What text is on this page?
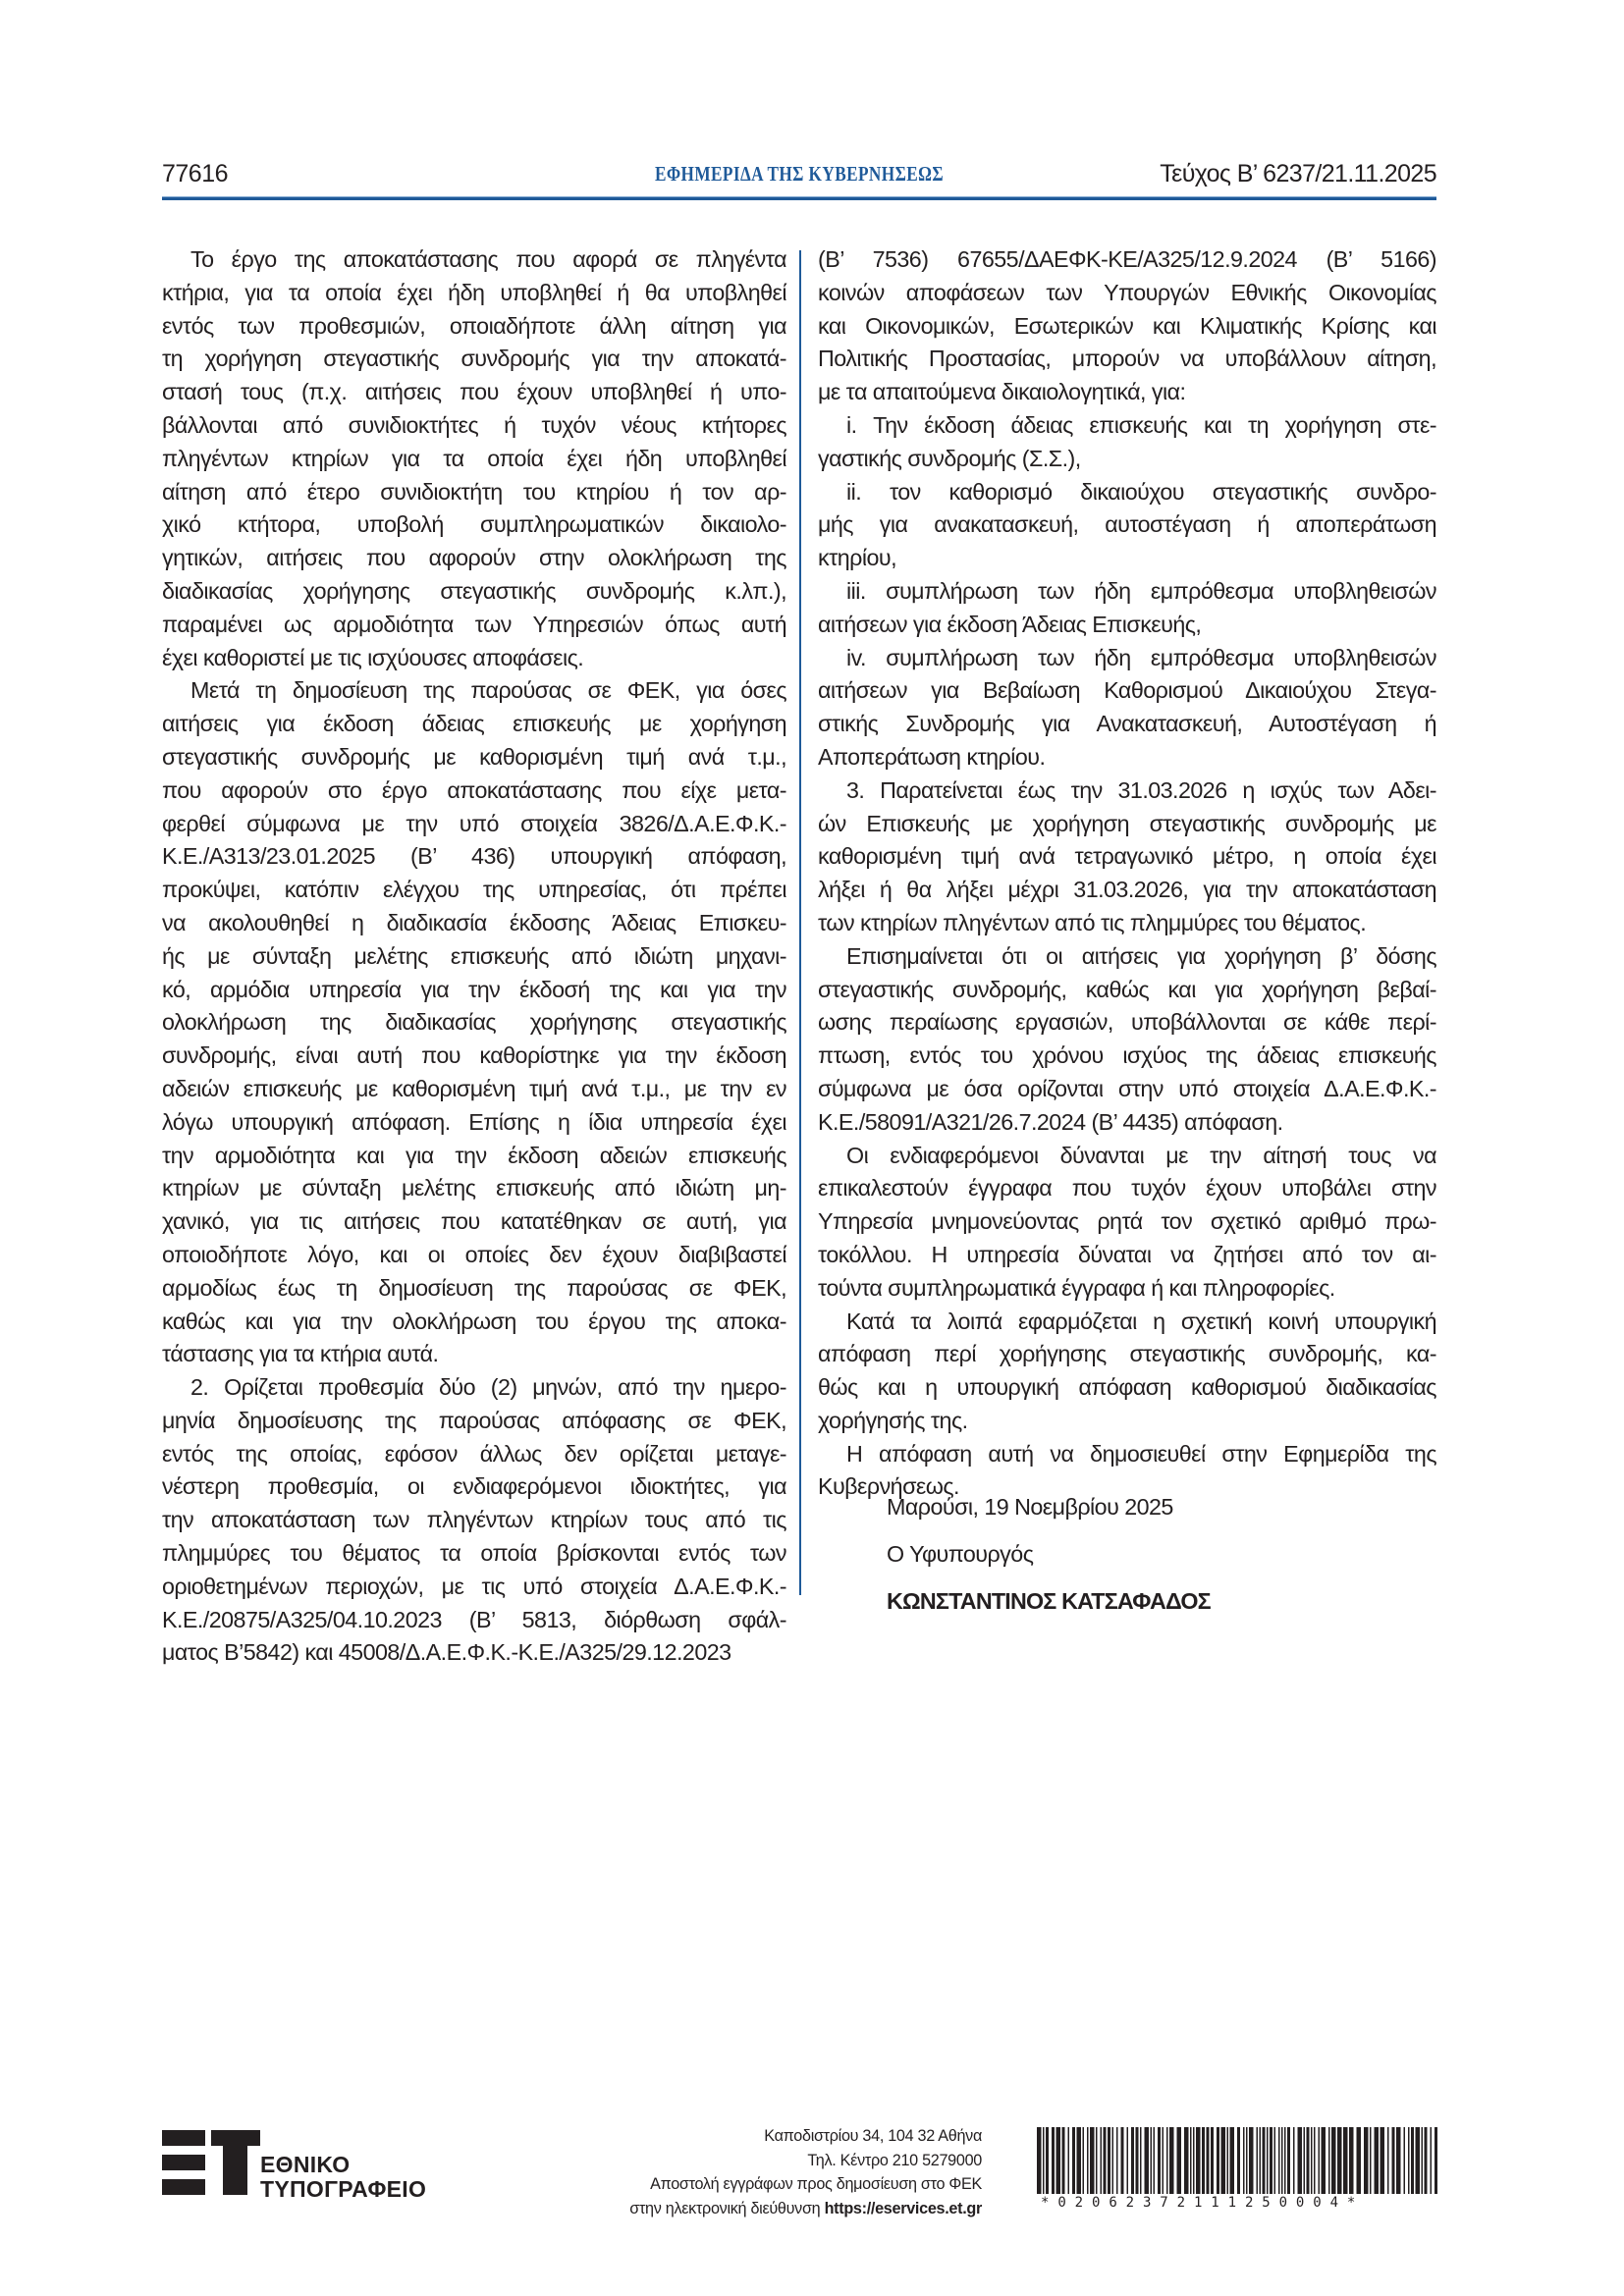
77616	ΕΦΗΜΕΡΙΔΑ ΤΗΣ ΚΥΒΕΡΝΗΣΕΩΣ	Τεύχος Β’ 6237/21.11.2025
Το έργο της αποκατάστασης που αφορά σε πληγέντα
κτήρια, για τα οποία έχει ήδη υποβληθεί ή θα υποβληθεί
εντός των προθεσμιών, οποιαδήποτε άλλη αίτηση για
τη χορήγηση στεγαστικής συνδρομής για την αποκατά-
στασή τους (π.χ. αιτήσεις που έχουν υποβληθεί ή υπο-
βάλλονται από συνιδιοκτήτες ή τυχόν νέους κτήτορες
πληγέντων κτηρίων για τα οποία έχει ήδη υποβληθεί
αίτηση από έτερο συνιδιοκτήτη του κτηρίου ή τον αρ-
χικό κτήτορα, υποβολή συμπληρωματικών δικαιολο-
γητικών, αιτήσεις που αφορούν στην ολοκλήρωση της
διαδικασίας χορήγησης στεγαστικής συνδρομής κ.λπ.),
παραμένει ως αρμοδιότητα των Υπηρεσιών όπως αυτή
έχει καθοριστεί με τις ισχύουσες αποφάσεις.
Μετά τη δημοσίευση της παρούσας σε ΦΕΚ, για όσες
αιτήσεις για έκδοση άδειας επισκευής με χορήγηση
στεγαστικής συνδρομής με καθορισμένη τιμή ανά τ.μ.,
που αφορούν στο έργο αποκατάστασης που είχε μετα-
φερθεί σύμφωνα με την υπό στοιχεία 3826/Δ.Α.Ε.Φ.Κ.-
Κ.Ε./Α313/23.01.2025 (Β’ 436) υπουργική απόφαση,
προκύψει, κατόπιν ελέγχου της υπηρεσίας, ότι πρέπει
να ακολουθηθεί η διαδικασία έκδοσης Άδειας Επισκευ-
ής με σύνταξη μελέτης επισκευής από ιδιώτη μηχανι-
κό, αρμόδια υπηρεσία για την έκδοσή της και για την
ολοκλήρωση της διαδικασίας χορήγησης στεγαστικής
συνδρομής, είναι αυτή που καθορίστηκε για την έκδοση
αδειών επισκευής με καθορισμένη τιμή ανά τ.μ., με την εν
λόγω υπουργική απόφαση. Επίσης η ίδια υπηρεσία έχει
την αρμοδιότητα και για την έκδοση αδειών επισκευής
κτηρίων με σύνταξη μελέτης επισκευής από ιδιώτη μη-
χανικό, για τις αιτήσεις που κατατέθηκαν σε αυτή, για
οποιοδήποτε λόγο, και οι οποίες δεν έχουν διαβιβαστεί
αρμοδίως έως τη δημοσίευση της παρούσας σε ΦΕΚ,
καθώς και για την ολοκλήρωση του έργου της αποκα-
τάστασης για τα κτήρια αυτά.
2. Ορίζεται προθεσμία δύο (2) μηνών, από την ημερο-
μηνία δημοσίευσης της παρούσας απόφασης σε ΦΕΚ,
εντός της οποίας, εφόσον άλλως δεν ορίζεται μεταγε-
νέστερη προθεσμία, οι ενδιαφερόμενοι ιδιοκτήτες, για
την αποκατάσταση των πληγέντων κτηρίων τους από τις
πλημμύρες του θέματος τα οποία βρίσκονται εντός των
οριοθετημένων περιοχών, με τις υπό στοιχεία Δ.Α.Ε.Φ.Κ.-
Κ.Ε./20875/Α325/04.10.2023 (Β’ 5813, διόρθωση σφάλ-
ματος Β’5842) και 45008/Δ.Α.Ε.Φ.Κ.-Κ.Ε./Α325/29.12.2023
(Β’ 7536) 67655/ΔΑΕΦΚ-ΚΕ/Α325/12.9.2024 (Β’ 5166)
κοινών αποφάσεων των Υπουργών Εθνικής Οικονομίας
και Οικονομικών, Εσωτερικών και Κλιματικής Κρίσης και
Πολιτικής Προστασίας, μπορούν να υποβάλλουν αίτηση,
με τα απαιτούμενα δικαιολογητικά, για:
i. Την έκδοση άδειας επισκευής και τη χορήγηση στε-
γαστικής συνδρομής (Σ.Σ.),
ii. τον καθορισμό δικαιούχου στεγαστικής συνδρο-
μής για ανακατασκευή, αυτοστέγαση ή αποπεράτωση
κτηρίου,
iii. συμπλήρωση των ήδη εμπρόθεσμα υποβληθεισών
αιτήσεων για έκδοση Άδειας Επισκευής,
iv. συμπλήρωση των ήδη εμπρόθεσμα υποβληθεισών
αιτήσεων για Βεβαίωση Καθορισμού Δικαιούχου Στεγα-
στικής Συνδρομής για Ανακατασκευή, Αυτοστέγαση ή
Αποπεράτωση κτηρίου.
3. Παρατείνεται έως την 31.03.2026 η ισχύς των Αδει-
ών Επισκευής με χορήγηση στεγαστικής συνδρομής με
καθορισμένη τιμή ανά τετραγωνικό μέτρο, η οποία έχει
λήξει ή θα λήξει μέχρι 31.03.2026, για την αποκατάσταση
των κτηρίων πληγέντων από τις πλημμύρες του θέματος.
Επισημαίνεται ότι οι αιτήσεις για χορήγηση β’ δόσης
στεγαστικής συνδρομής, καθώς και για χορήγηση βεβαί-
ωσης περαίωσης εργασιών, υποβάλλονται σε κάθε περί-
πτωση, εντός του χρόνου ισχύος της άδειας επισκευής
σύμφωνα με όσα ορίζονται στην υπό στοιχεία Δ.Α.Ε.Φ.Κ.-
Κ.Ε./58091/Α321/26.7.2024 (Β’ 4435) απόφαση.
Οι ενδιαφερόμενοι δύνανται με την αίτησή τους να
επικαλεστούν έγγραφα που τυχόν έχουν υποβάλει στην
Υπηρεσία μνημονεύοντας ρητά τον σχετικό αριθμό πρω-
τοκόλλου. Η υπηρεσία δύναται να ζητήσει από τον αι-
τούντα συμπληρωματικά έγγραφα ή και πληροφορίες.
Κατά τα λοιπά εφαρμόζεται η σχετική κοινή υπουργική
απόφαση περί χορήγησης στεγαστικής συνδρομής, κα-
θώς και η υπουργική απόφαση καθορισμού διαδικασίας
χορήγησής της.
Η απόφαση αυτή να δημοσιευθεί στην Εφημερίδα της
Κυβερνήσεως.
Μαρούσι, 19 Νοεμβρίου 2025
Ο Υφυπουργός
ΚΩΝΣΤΑΝΤΙΝΟΣ ΚΑΤΣΑΦΑΔΟΣ
ΕΘΝΙΚΟ
ΤΥΠΟΓΡΑΦΕΙΟ
Καποδιστρίου 34, 104 32 Αθήνα
Τηλ. Κέντρο 210 5279000
Αποστολή εγγράφων προς δημοσίευση στο ΦΕΚ
στην ηλεκτρονική διεύθυνση https://eservices.et.gr	*02062372111250004*
